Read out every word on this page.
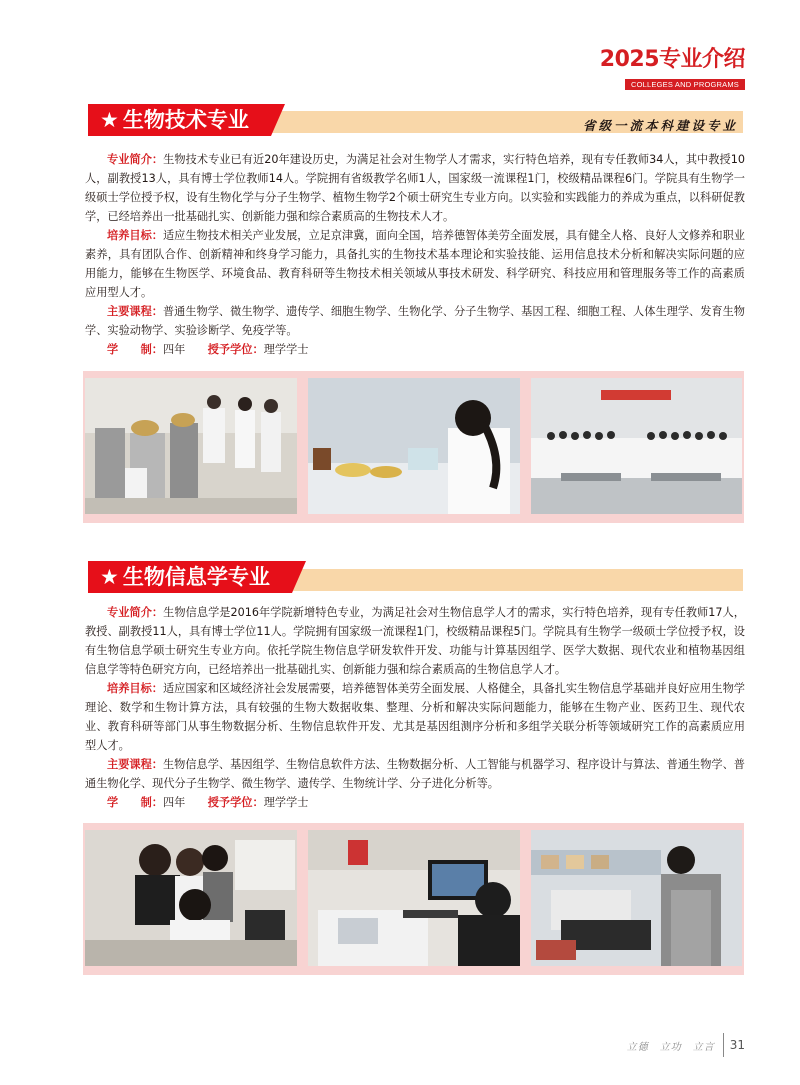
2025专业介绍
COLLEGES AND PROGRAMS
★ 生物技术专业	省级一流本科建设专业

专业简介：生物技术专业已有近20年建设历史，为满足社会对生物学人才需求，实行特色培养，现有专任教师34人，其中教授10人，副教授13人，具有博士学位教师14人。学院拥有省级教学名师1人，国家级一流课程1门，校级精品课程6门。学院具有生物学一级硕士学位授予权，设有生物化学与分子生物学、植物生物学2个硕士研究生专业方向。以实验和实践能力的养成为重点，以科研促教学，已经培养出一批基础扎实、创新能力强和综合素质高的生物技术人才。

培养目标：适应生物技术相关产业发展，立足京津冀，面向全国，培养德智体美劳全面发展，具有健全人格、良好人文修养和职业素养，具有团队合作、创新精神和终身学习能力，具备扎实的生物技术基本理论和实验技能、运用信息技术分析和解决实际问题的应用能力，能够在生物医学、环境食品、教育科研等生物技术相关领域从事技术研发、科学研究、科技应用和管理服务等工作的高素质应用型人才。

主要课程：普通生物学、微生物学、遗传学、细胞生物学、生物化学、分子生物学、基因工程、细胞工程、人体生理学、发育生物学、实验动物学、实验诊断学、免疫学等。

学　　制：四年　　 授予学位：理学学士

★ 生物信息学专业

专业简介：生物信息学是2016年学院新增特色专业，为满足社会对生物信息学人才的需求，实行特色培养，现有专任教师17人，教授、副教授11人，具有博士学位11人。学院拥有国家级一流课程1门，校级精品课程5门。学院具有生物学一级硕士学位授予权，设有生物信息学硕士研究生专业方向。依托学院生物信息学研发软件开发、功能与计算基因组学、医学大数据、现代农业和植物基因组信息学等特色研究方向，已经培养出一批基础扎实、创新能力强和综合素质高的生物信息学人才。

培养目标：适应国家和区域经济社会发展需要，培养德智体美劳全面发展、人格健全，具备扎实生物信息学基础并良好应用生物学理论、数学和生物计算方法，具有较强的生物大数据收集、整理、分析和解决实际问题能力，能够在生物产业、医药卫生、现代农业、教育科研等部门从事生物数据分析、生物信息软件开发、尤其是基因组测序分析和多组学关联分析等领域研究工作的高素质应用型人才。

主要课程：生物信息学、基因组学、生物信息软件方法、生物数据分析、人工智能与机器学习、程序设计与算法、普通生物学、普通生物化学、现代分子生物学、微生物学、遗传学、生物统计学、分子进化分析等。

学　　制：四年　　 授予学位：理学学士

立德　立功　立言 31
